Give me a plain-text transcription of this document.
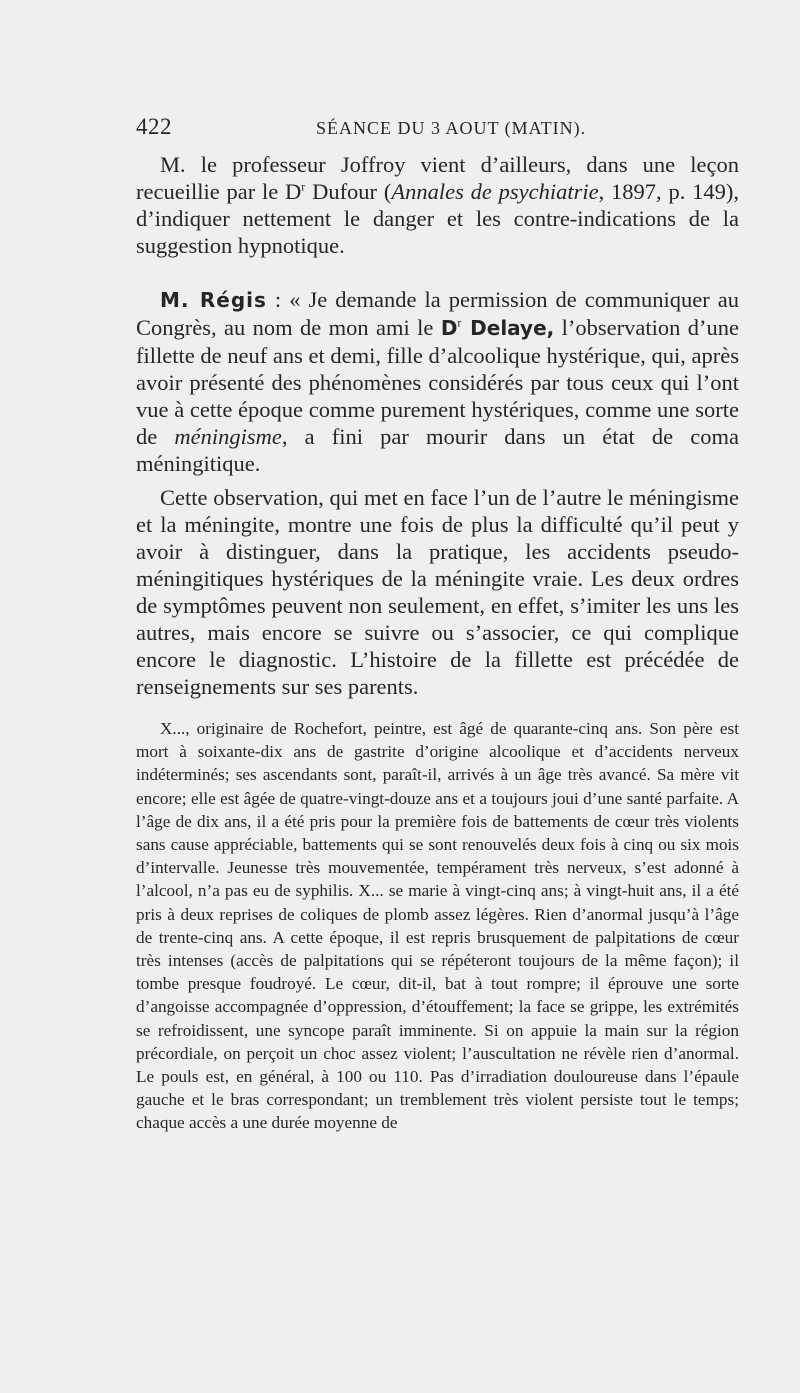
422	SÉANCE DU 3 AOUT (MATIN).

M. le professeur Joffroy vient d’ailleurs, dans une leçon recueillie par le $D^r$ Dufour (Annales de psychiatrie, 1897, p. 149), d’indiquer nettement le danger et les contre-indications de la suggestion hypnotique.

M. Régis : « Je demande la permission de communiquer au Congrès, au nom de mon ami le $D^r$ Delaye, l’observation d’une fillette de neuf ans et demi, fille d’alcoolique hystérique, qui, après avoir présenté des phénomènes considérés par tous ceux qui l’ont vue à cette époque comme purement hystériques, comme une sorte de méningisme, a fini par mourir dans un état de coma méningitique.

Cette observation, qui met en face l’un de l’autre le méningisme et la méningite, montre une fois de plus la difficulté qu’il peut y avoir à distinguer, dans la pratique, les accidents pseudo-méningitiques hystériques de la méningite vraie. Les deux ordres de symptômes peuvent non seulement, en effet, s’imiter les uns les autres, mais encore se suivre ou s’associer, ce qui complique encore le diagnostic. L’histoire de la fillette est précédée de renseignements sur ses parents.

X..., originaire de Rochefort, peintre, est âgé de quarante-cinq ans. Son père est mort à soixante-dix ans de gastrite d’origine alcoolique et d’accidents nerveux indéterminés; ses ascendants sont, paraît-il, arrivés à un âge très avancé. Sa mère vit encore; elle est âgée de quatre-vingt-douze ans et a toujours joui d’une santé parfaite. A l’âge de dix ans, il a été pris pour la première fois de battements de cœur très violents sans cause appréciable, battements qui se sont renouvelés deux fois à cinq ou six mois d’intervalle. Jeunesse très mouvementée, tempérament très nerveux, s’est adonné à l’alcool, n’a pas eu de syphilis. X... se marie à vingt-cinq ans; à vingt-huit ans, il a été pris à deux reprises de coliques de plomb assez légères. Rien d’anormal jusqu’à l’âge de trente-cinq ans. A cette époque, il est repris brusquement de palpitations de cœur très intenses (accès de palpitations qui se répéteront toujours de la même façon); il tombe presque foudroyé. Le cœur, dit-il, bat à tout rompre; il éprouve une sorte d’angoisse accompagnée d’oppression, d’étouffement; la face se grippe, les extrémités se refroidissent, une syncope paraît imminente. Si on appuie la main sur la région précordiale, on perçoit un choc assez violent; l’auscultation ne révèle rien d’anormal. Le pouls est, en général, à 100 ou 110. Pas d’irradiation douloureuse dans l’épaule gauche et le bras correspondant; un tremblement très violent persiste tout le temps; chaque accès a une durée moyenne de
